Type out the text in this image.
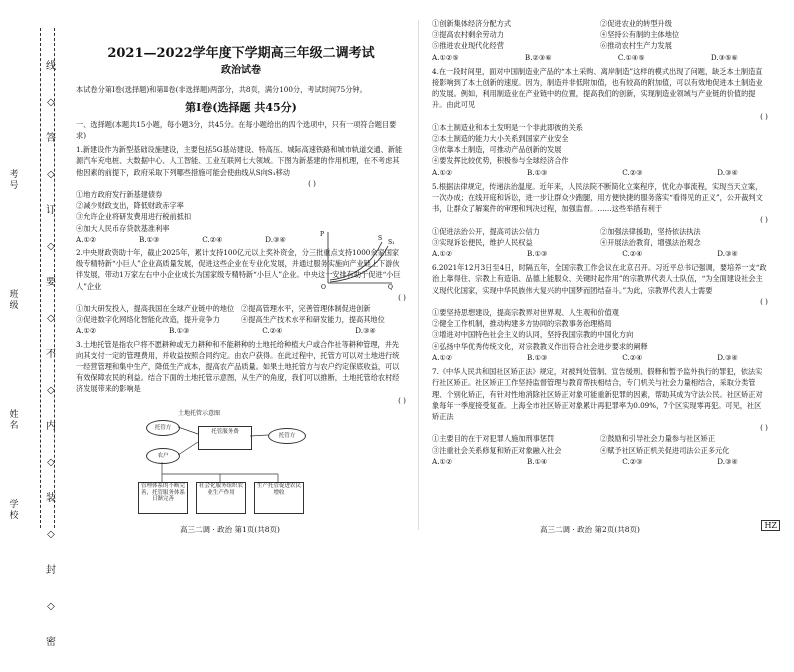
线
◇
答
◇
订
◇
要
◇
不
◇
内
◇
装
◇
封
◇
密
考号
班级
姓名
学校
2021—2022学年度下学期高三年级二调考试
政治试卷

本试卷分第Ⅰ卷(选择题)和第Ⅱ卷(非选择题)两部分，共8页，满分100分，考试时间75分钟。

第Ⅰ卷(选择题 共45分)

一、选择题(本题共15小题，每小题3分，共45分。在每小题给出的四个选项中，只有一项符合题目要求)

1.新建设作为新型基础设施建设，主要包括5G基站建设、特高压、城际高速铁路和城市轨道交通、新能源汽车充电桩、大数据中心、人工智能、工业互联网七大领域。下图为新基建的作用机理，在不考虑其他因素的前提下，政府采取下列哪些措施可能会使曲线从S向S₁移动

( )

①地方政府发行新基建债券

②减少财政支出，降低财政赤字率

③允许企业将研发费用进行税前抵扣

④加大人民币存贷款基准利率

A.①②	B.①③	C.②④	D.③④

2.中央财政资助十年，截止2025年，累计支持100亿元以上奖补资金，分三批重点支持1000余家国家级专精特新“小巨人”企业高质量发展，促进这些企业在专业化发展，并通过服务实施向产业链上下游伙伴发展，带动1万家左右中小企业成长为国家级专精特新“小巨人”企业。中央这一安排有助于促进“小巨人”企业

( )
①加大研发投入，提高我国在全球产业链中的地位 ②提高管理水平，完善管理体制促进创新
③促进数字化网络化智能化改造，提升竞争力	④提高生产技术水平和研发能力，提高其地位
A.①②	B.①③	C.②④	D.③④

3.土地托管是指农户将不愿耕种或无力耕种和不能耕种的土地托给种植大户或合作社等耕种管理，并先向其支付一定的管理费用，并收益按照合同约定。由农户获得。在此过程中，托管方可以对土地进行统一经营管理和集中生产，降低生产成本，提高农产品质量。如果土地托管方与农户约定保底收益，可以有效保障农民的利益。结合下面的土地托管示意图，从生产的角度，我们可以推断，土地托管给农村经济发展带来的影响是

( )
P
Q
O
S
S₁
土地托管示意图
托管方
农户
托管服务费
托管方
管理体系的不断完善，托管服务体系日渐完善
社会化服务组织农业生产作用
生产托管促进农民增收
①创新集体经济分配方式	②促进农业的转型升级
③提高农村剩余劳动力	④坚持公有制的主体地位
⑤推进农业现代化经营	⑥推动农村生产力发展
A.①②⑤	B.②③⑥	C.①④⑤	D.③⑤⑥

4.在一段时间里，面对中国制造业产品的“本土采购、离岸制造”这样的模式出现了问题，缺乏本土制造直接影响到了本土创新的速度。因为，制造并非低附加值，也有较高的附加值，可以有效地促进本土制造业的发展。例如，利用制造业在产业链中的位置，提高我们的创新，实现制造业领域与产业链的价值的提升。由此可见

( )

①本土制造业和本土发明是一个非此即彼的关系

②本土制造的能力大小关系到国家产业安全

③依靠本土制造，可推动产品创新的发展

④要发挥比较优势，积极参与全球经济合作

A.①②	B.①③	C.②③	D.③④

5.根据法律规定，传递法治温度。近年来，人民法院不断简化立案程序，优化办事流程，实现当天立案，一次办成；在线开庭和诉讼，进一步让群众少跑腿，用方便快捷的服务落实“看得见的正义”，公开裁判文书，让群众了解案件的审理和判决过程，加强监督。……这些举措有利于

( )
①促进法治公开，提高司法公信力	②加强法律援助，坚持依法执法
③实现诉讼便民，维护人民权益	④开展法治教育，增强法治观念
A.①②	B.①③	C.②④	D.③④

6.2021年12月3日至4日，时隔五年，全国宗教工作会议在北京召开。习近平总书记强调，要培养一支“政治上靠得住、宗教上有造诣、品德上能服众、关键时起作用”的宗教界代表人士队伍，“为全面建设社会主义现代化国家，实现中华民族伟大复兴的中国梦而团结奋斗。”为此，宗教界代表人士需要

( )

①要坚持思想建设，提高宗教界对世界观、人生观和价值观

②健全工作机制，推动构建多方协同的宗教事务治理格局

③增进对中国特色社会主义的认同，坚持我国宗教的中国化方向

④弘扬中华优秀传统文化，对宗教教义作出符合社会进步要求的阐释

A.①②	B.①③	C.②④	D.③④

7.《中华人民共和国社区矫正法》规定，对被判处管制、宣告缓刑、假释和暂予监外执行的罪犯，依法实行社区矫正。社区矫正工作坚持监督管理与教育帮扶相结合，专门机关与社会力量相结合，采取分类管理、个别化矫正，有针对性地消除社区矫正对象可能重新犯罪的因素，帮助其成为守法公民。社区矫正对象每年一季度接受复查。上海全市社区矫正对象累计再犯罪率为0.09%，7个区实现零再犯。可见，社区矫正法

( )
①主要目的在于对犯罪人施加刑事惩罚	②鼓励和引导社会力量参与社区矫正
③注重社会关系修复和矫正对象融入社会	④赋予社区矫正机关促进司法公正多元化
A.①②	B.①④	C.②③	D.③④
高三二调 · 政治 第1页(共8页)	高三二调 · 政治 第2页(共8页)	HZ
